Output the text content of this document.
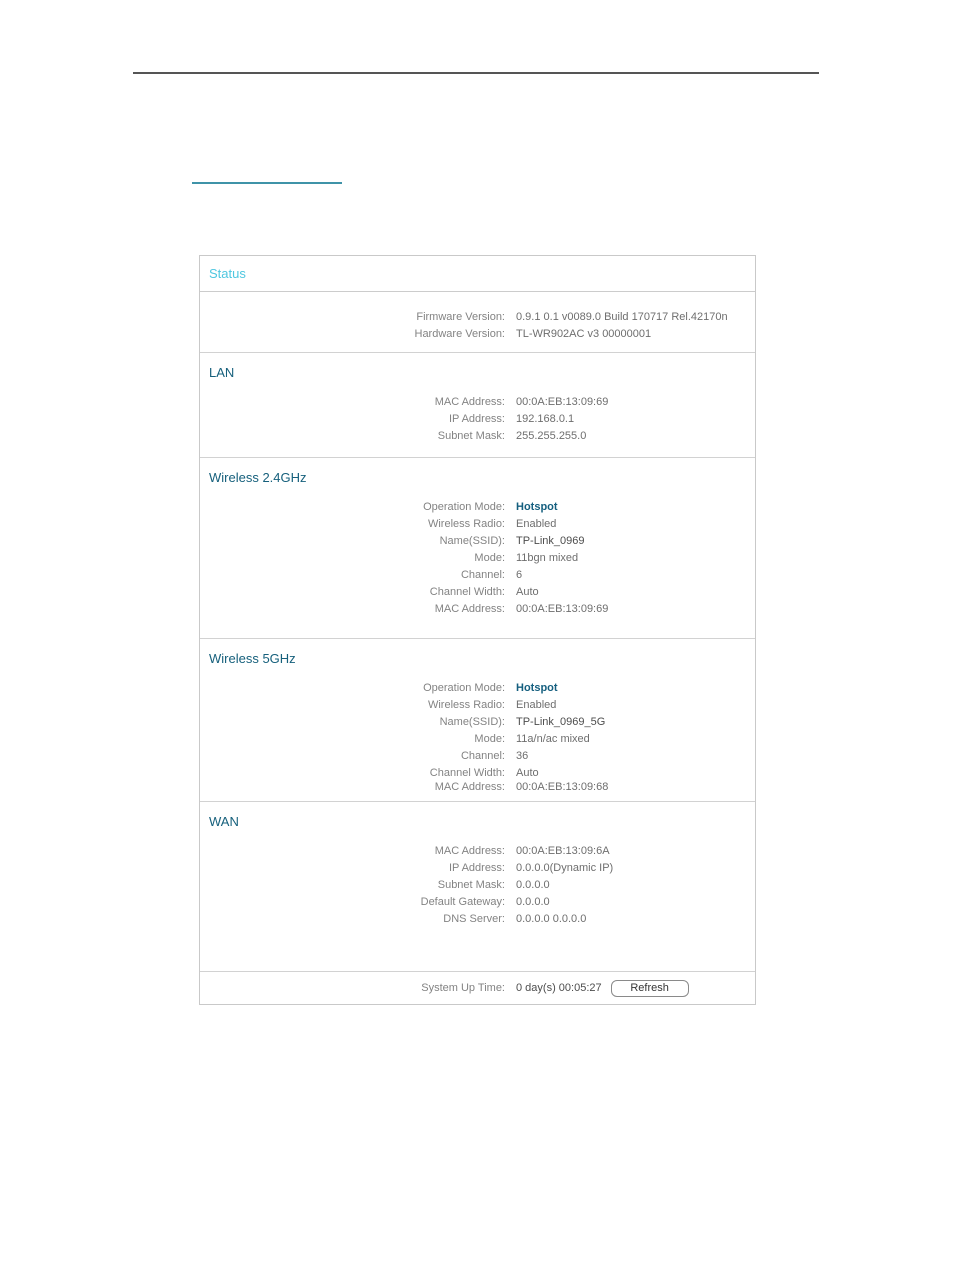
Status
Firmware Version: 0.9.1 0.1 v0089.0 Build 170717 Rel.42170n
Hardware Version: TL-WR902AC v3 00000001
LAN
MAC Address: 00:0A:EB:13:09:69
IP Address: 192.168.0.1
Subnet Mask: 255.255.255.0
Wireless 2.4GHz
Operation Mode: Hotspot
Wireless Radio: Enabled
Name(SSID): TP-Link_0969
Mode: 11bgn mixed
Channel: 6
Channel Width: Auto
MAC Address: 00:0A:EB:13:09:69
Wireless 5GHz
Operation Mode: Hotspot
Wireless Radio: Enabled
Name(SSID): TP-Link_0969_5G
Mode: 11a/n/ac mixed
Channel: 36
Channel Width: Auto
MAC Address: 00:0A:EB:13:09:68
WAN
MAC Address: 00:0A:EB:13:09:6A
IP Address: 0.0.0.0(Dynamic IP)
Subnet Mask: 0.0.0.0
Default Gateway: 0.0.0.0
DNS Server: 0.0.0.0 0.0.0.0
System Up Time: 0 day(s) 00:05:27	Refresh
